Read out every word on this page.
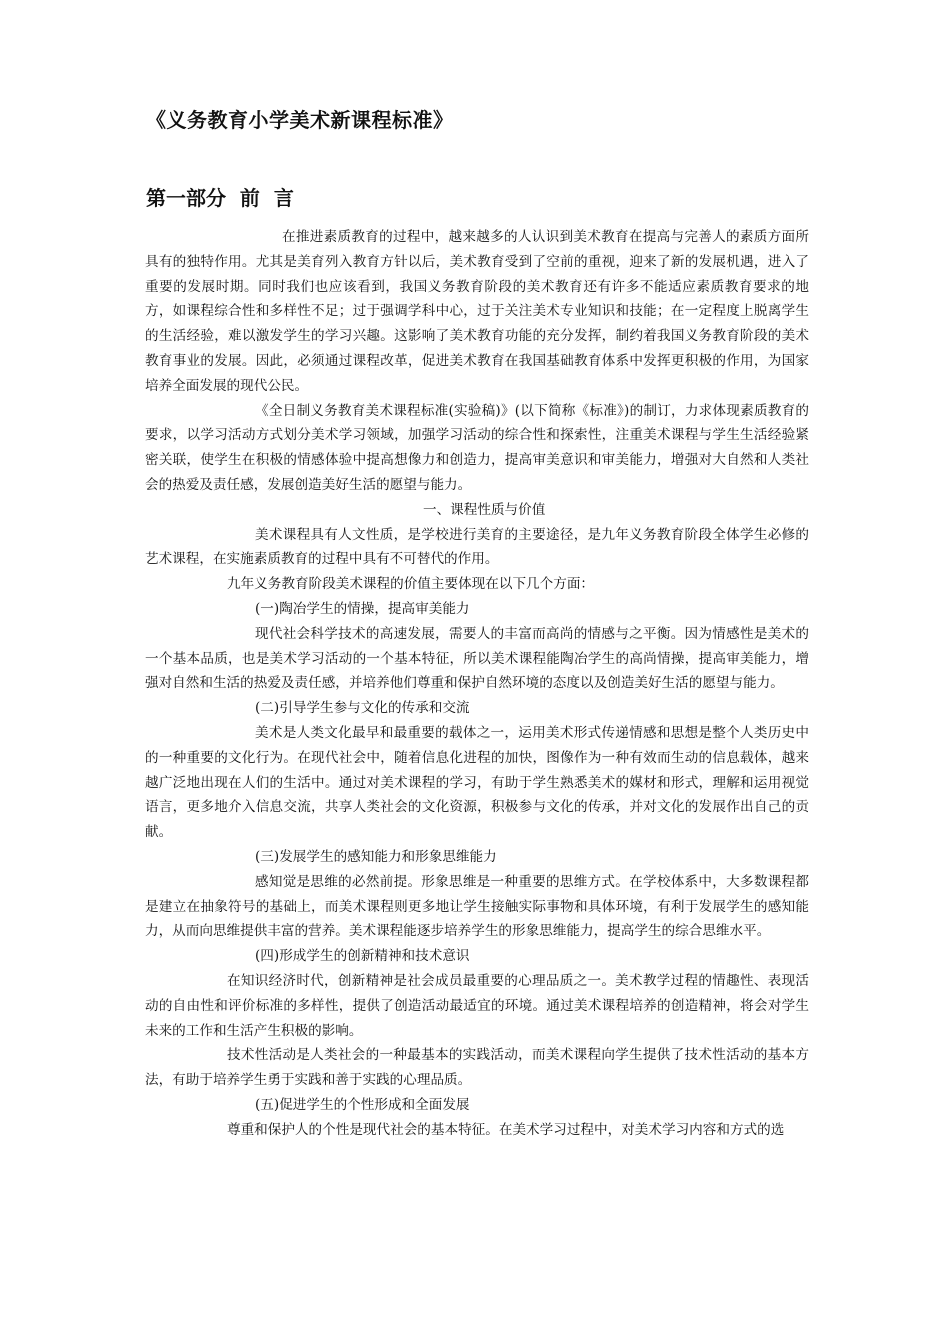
《义务教育小学美术新课程标准》
第一部分  前  言

在推进素质教育的过程中，越来越多的人认识到美术教育在提高与完善人的素质方面所具有的独特作用。尤其是美育列入教育方针以后，美术教育受到了空前的重视，迎来了新的发展机遇，进入了重要的发展时期。同时我们也应该看到，我国义务教育阶段的美术教育还有许多不能适应素质教育要求的地方，如课程综合性和多样性不足；过于强调学科中心，过于关注美术专业知识和技能；在一定程度上脱离学生的生活经验，难以激发学生的学习兴趣。这影响了美术教育功能的充分发挥，制约着我国义务教育阶段的美术教育事业的发展。因此，必须通过课程改革，促进美术教育在我国基础教育体系中发挥更积极的作用，为国家培养全面发展的现代公民。

《全日制义务教育美术课程标准(实验稿)》(以下简称《标准》)的制订，力求体现素质教育的要求，以学习活动方式划分美术学习领域，加强学习活动的综合性和探索性，注重美术课程与学生生活经验紧密关联，使学生在积极的情感体验中提高想像力和创造力，提高审美意识和审美能力，增强对大自然和人类社会的热爱及责任感，发展创造美好生活的愿望与能力。

一、课程性质与价值

美术课程具有人文性质，是学校进行美育的主要途径，是九年义务教育阶段全体学生必修的艺术课程，在实施素质教育的过程中具有不可替代的作用。

九年义务教育阶段美术课程的价值主要体现在以下几个方面：

(一)陶冶学生的情操，提高审美能力

现代社会科学技术的高速发展，需要人的丰富而高尚的情感与之平衡。因为情感性是美术的一个基本品质，也是美术学习活动的一个基本特征，所以美术课程能陶冶学生的高尚情操，提高审美能力，增强对自然和生活的热爱及责任感，并培养他们尊重和保护自然环境的态度以及创造美好生活的愿望与能力。

(二)引导学生参与文化的传承和交流

美术是人类文化最早和最重要的载体之一，运用美术形式传递情感和思想是整个人类历史中的一种重要的文化行为。在现代社会中，随着信息化进程的加快，图像作为一种有效而生动的信息载体，越来越广泛地出现在人们的生活中。通过对美术课程的学习，有助于学生熟悉美术的媒材和形式，理解和运用视觉语言，更多地介入信息交流，共享人类社会的文化资源，积极参与文化的传承，并对文化的发展作出自己的贡献。

(三)发展学生的感知能力和形象思维能力

感知觉是思维的必然前提。形象思维是一种重要的思维方式。在学校体系中，大多数课程都是建立在抽象符号的基础上，而美术课程则更多地让学生接触实际事物和具体环境，有利于发展学生的感知能力，从而向思维提供丰富的营养。美术课程能逐步培养学生的形象思维能力，提高学生的综合思维水平。

(四)形成学生的创新精神和技术意识

在知识经济时代，创新精神是社会成员最重要的心理品质之一。美术教学过程的情趣性、表现活动的自由性和评价标准的多样性，提供了创造活动最适宜的环境。通过美术课程培养的创造精神，将会对学生未来的工作和生活产生积极的影响。

技术性活动是人类社会的一种最基本的实践活动，而美术课程向学生提供了技术性活动的基本方法，有助于培养学生勇于实践和善于实践的心理品质。

(五)促进学生的个性形成和全面发展

尊重和保护人的个性是现代社会的基本特征。在美术学习过程中，对美术学习内容和方式的选
